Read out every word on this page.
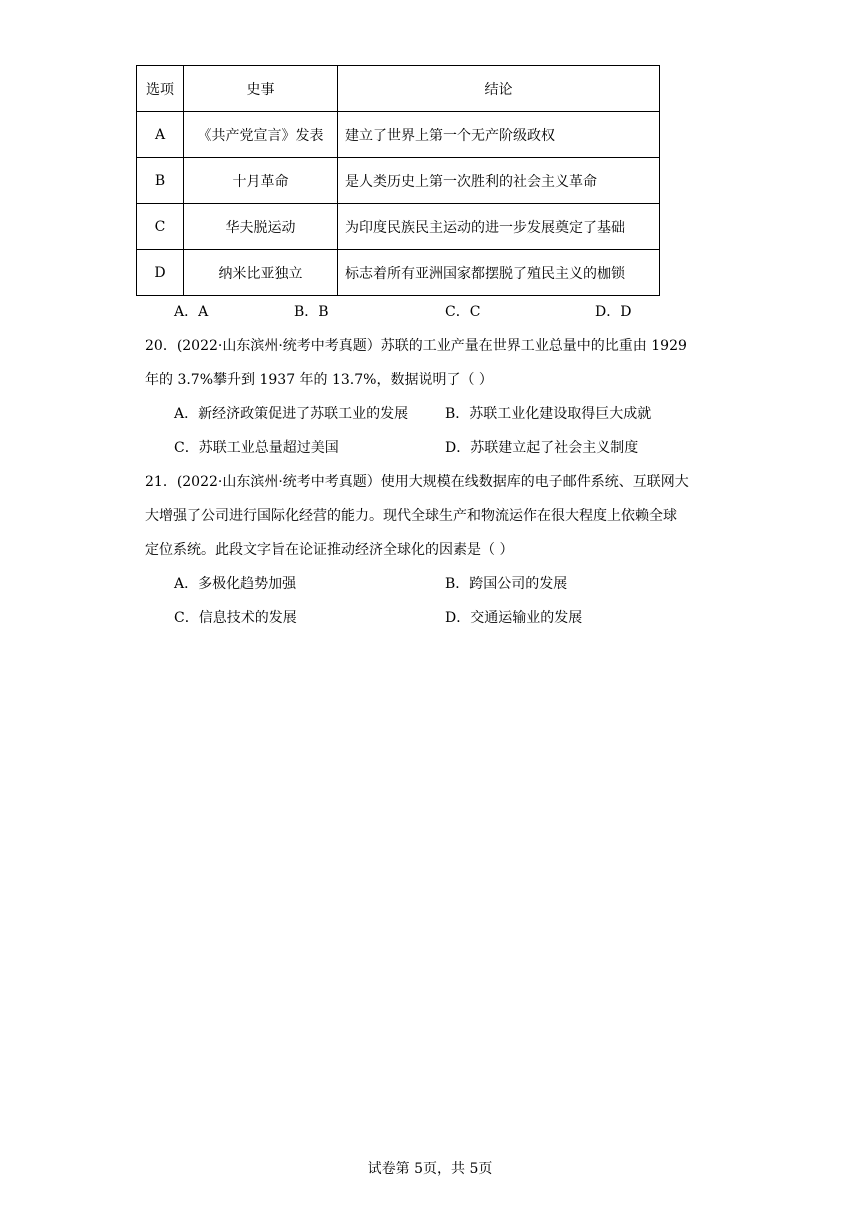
选项	史事	结论
A	《共产党宣言》发表	建立了世界上第一个无产阶级政权
B	十月革命	是人类历史上第一次胜利的社会主义革命
C	华夫脱运动	为印度民族民主运动的进一步发展奠定了基础
D	纳米比亚独立	标志着所有亚洲国家都摆脱了殖民主义的枷锁
A．A	B．B	C．C	D．D
20．(2022·山东滨州·统考中考真题）苏联的工业产量在世界工业总量中的比重由 1929
年的 3.7%攀升到 1937 年的 13.7%，数据说明了（ ）
A．新经济政策促进了苏联工业的发展	B．苏联工业化建设取得巨大成就
C．苏联工业总量超过美国	D．苏联建立起了社会主义制度
21．(2022·山东滨州·统考中考真题）使用大规模在线数据库的电子邮件系统、互联网大
大增强了公司进行国际化经营的能力。现代全球生产和物流运作在很大程度上依赖全球
定位系统。此段文字旨在论证推动经济全球化的因素是（ ）
A．多极化趋势加强	B．跨国公司的发展
C．信息技术的发展	D．交通运输业的发展
试卷第 5页，共 5页
